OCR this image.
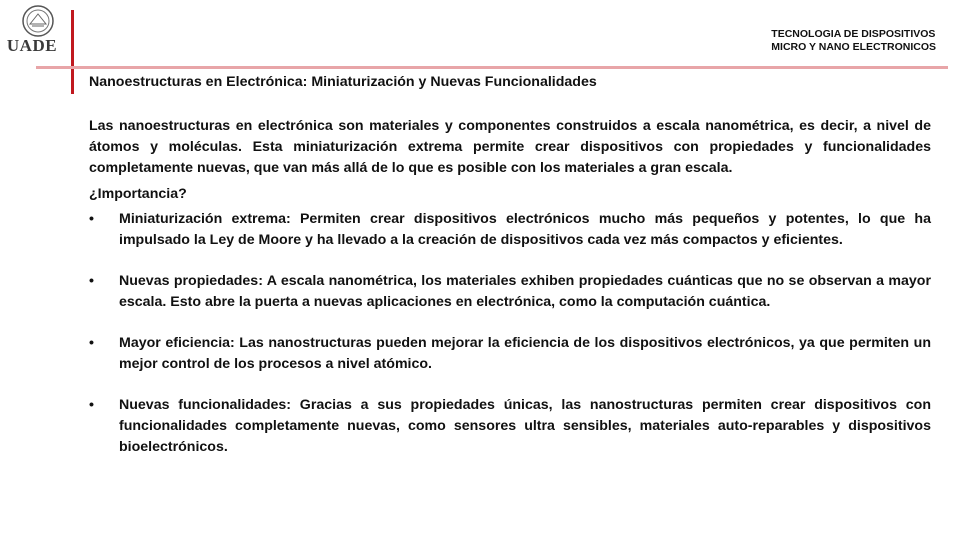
UADE
TECNOLOGIA DE DISPOSITIVOS
MICRO Y NANO ELECTRONICOS
Nanoestructuras en Electrónica: Miniaturización y Nuevas Funcionalidades

Las nanoestructuras en electrónica son materiales y componentes construidos a escala nanométrica, es decir, a nivel de átomos y moléculas. Esta miniaturización extrema permite crear dispositivos con propiedades y funcionalidades completamente nuevas, que van más allá de lo que es posible con los materiales a gran escala.

¿Importancia?
• Miniaturización extrema: Permiten crear dispositivos electrónicos mucho más pequeños y potentes, lo que ha impulsado la Ley de Moore y ha llevado a la creación de dispositivos cada vez más compactos y eficientes.
• Nuevas propiedades: A escala nanométrica, los materiales exhiben propiedades cuánticas que no se observan a mayor escala. Esto abre la puerta a nuevas aplicaciones en electrónica, como la computación cuántica.
• Mayor eficiencia: Las nanostructuras pueden mejorar la eficiencia de los dispositivos electrónicos, ya que permiten un mejor control de los procesos a nivel atómico.
• Nuevas funcionalidades: Gracias a sus propiedades únicas, las nanostructuras permiten crear dispositivos con funcionalidades completamente nuevas, como sensores ultra sensibles, materiales auto-reparables y dispositivos bioelectrónicos.
